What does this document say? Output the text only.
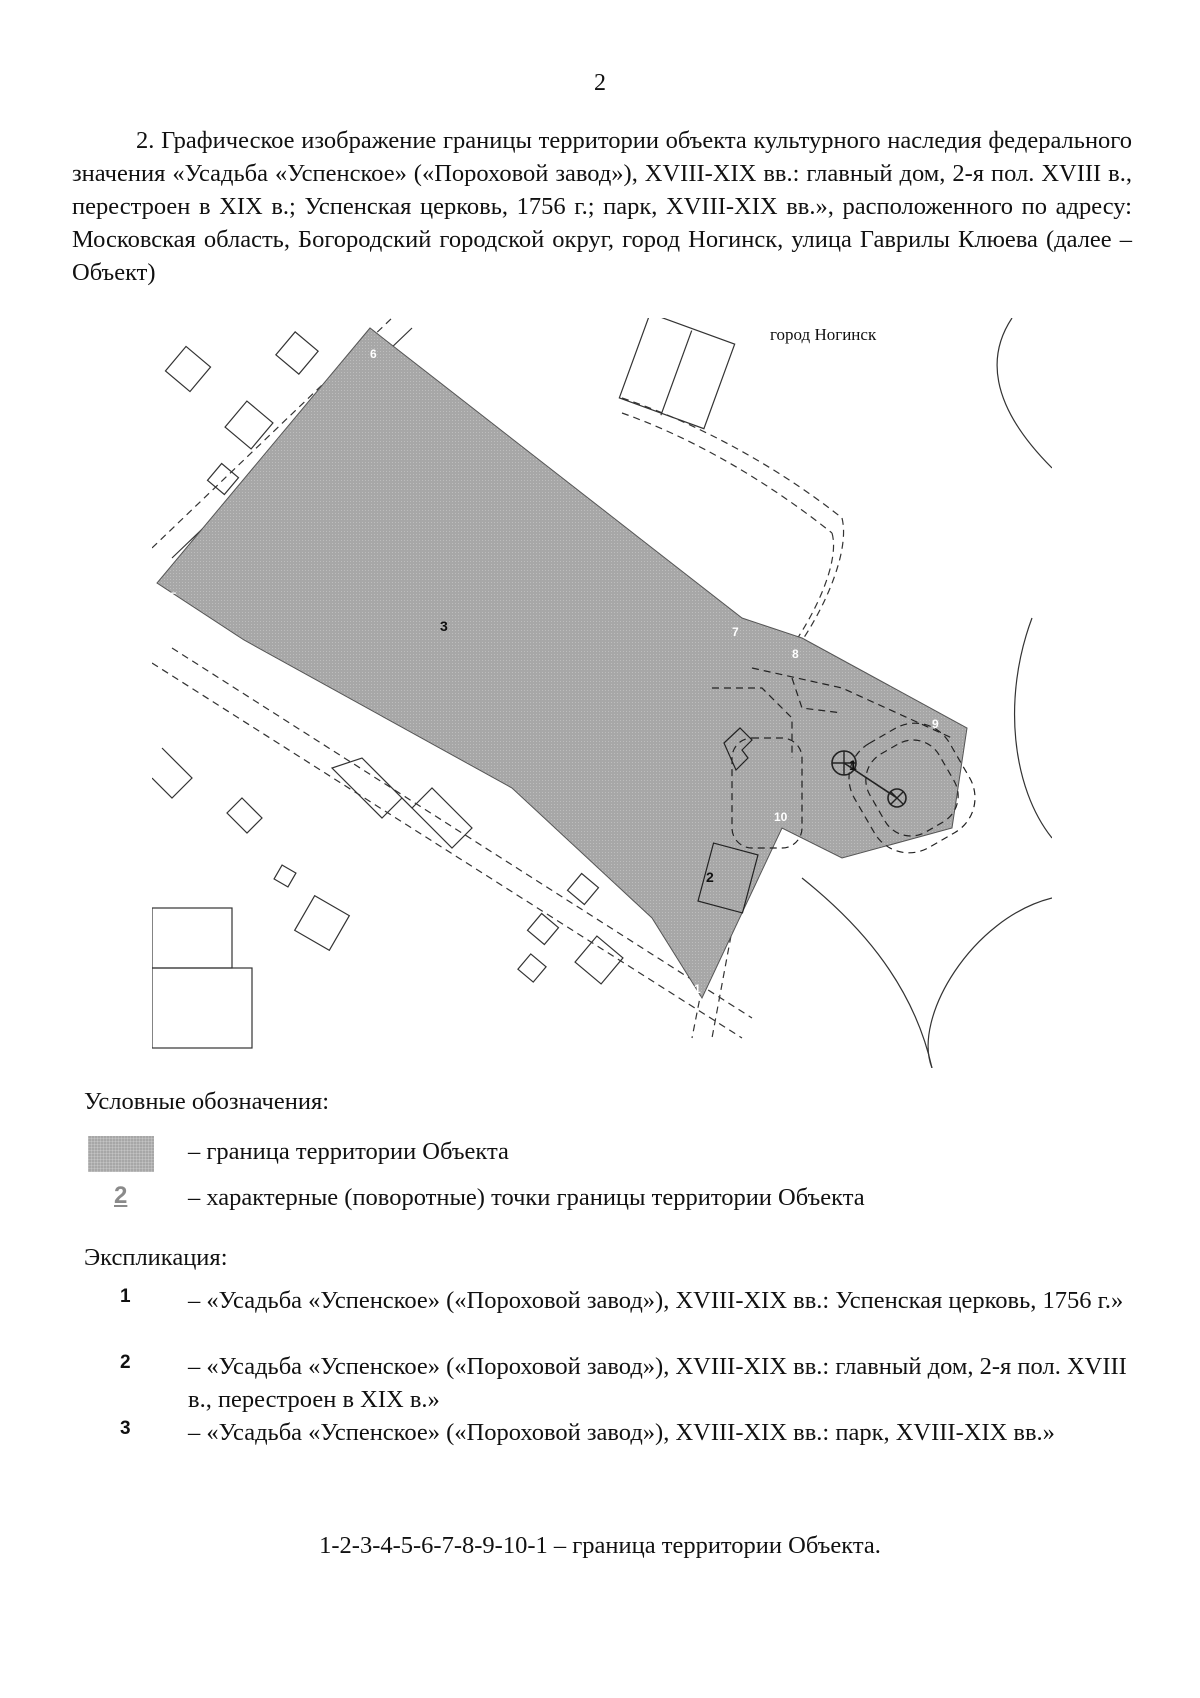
2

2. Графическое изображение границы территории объекта культурного наследия федерального значения «Усадьба «Успенское» («Пороховой завод»), XVIII-XIX вв.: главный дом, 2-я пол. XVIII в., перестроен в XIX в.; Успенская церковь, 1756 г.; парк, XVIII-XIX вв.», расположенного по адресу: Московская область, Богородский городской округ, город Ногинск, улица Гаврилы Клюева (далее – Объект)

1
2
3
4
5
6
7
8
9
10
1
2
3
город Ногинск
Условные обозначения:
– граница территории Объекта
2 – характерные (поворотные) точки границы территории Объекта
Экспликация:
1 – «Усадьба «Успенское» («Пороховой завод»), XVIII-XIX вв.: Успенская церковь, 1756 г.»
2 – «Усадьба «Успенское» («Пороховой завод»), XVIII-XIX вв.: главный дом, 2-я пол. XVIII в., перестроен в XIX в.»
3 – «Усадьба «Успенское» («Пороховой завод»), XVIII-XIX вв.: парк, XVIII-XIX вв.»
1-2-3-4-5-6-7-8-9-10-1 – граница территории Объекта.
